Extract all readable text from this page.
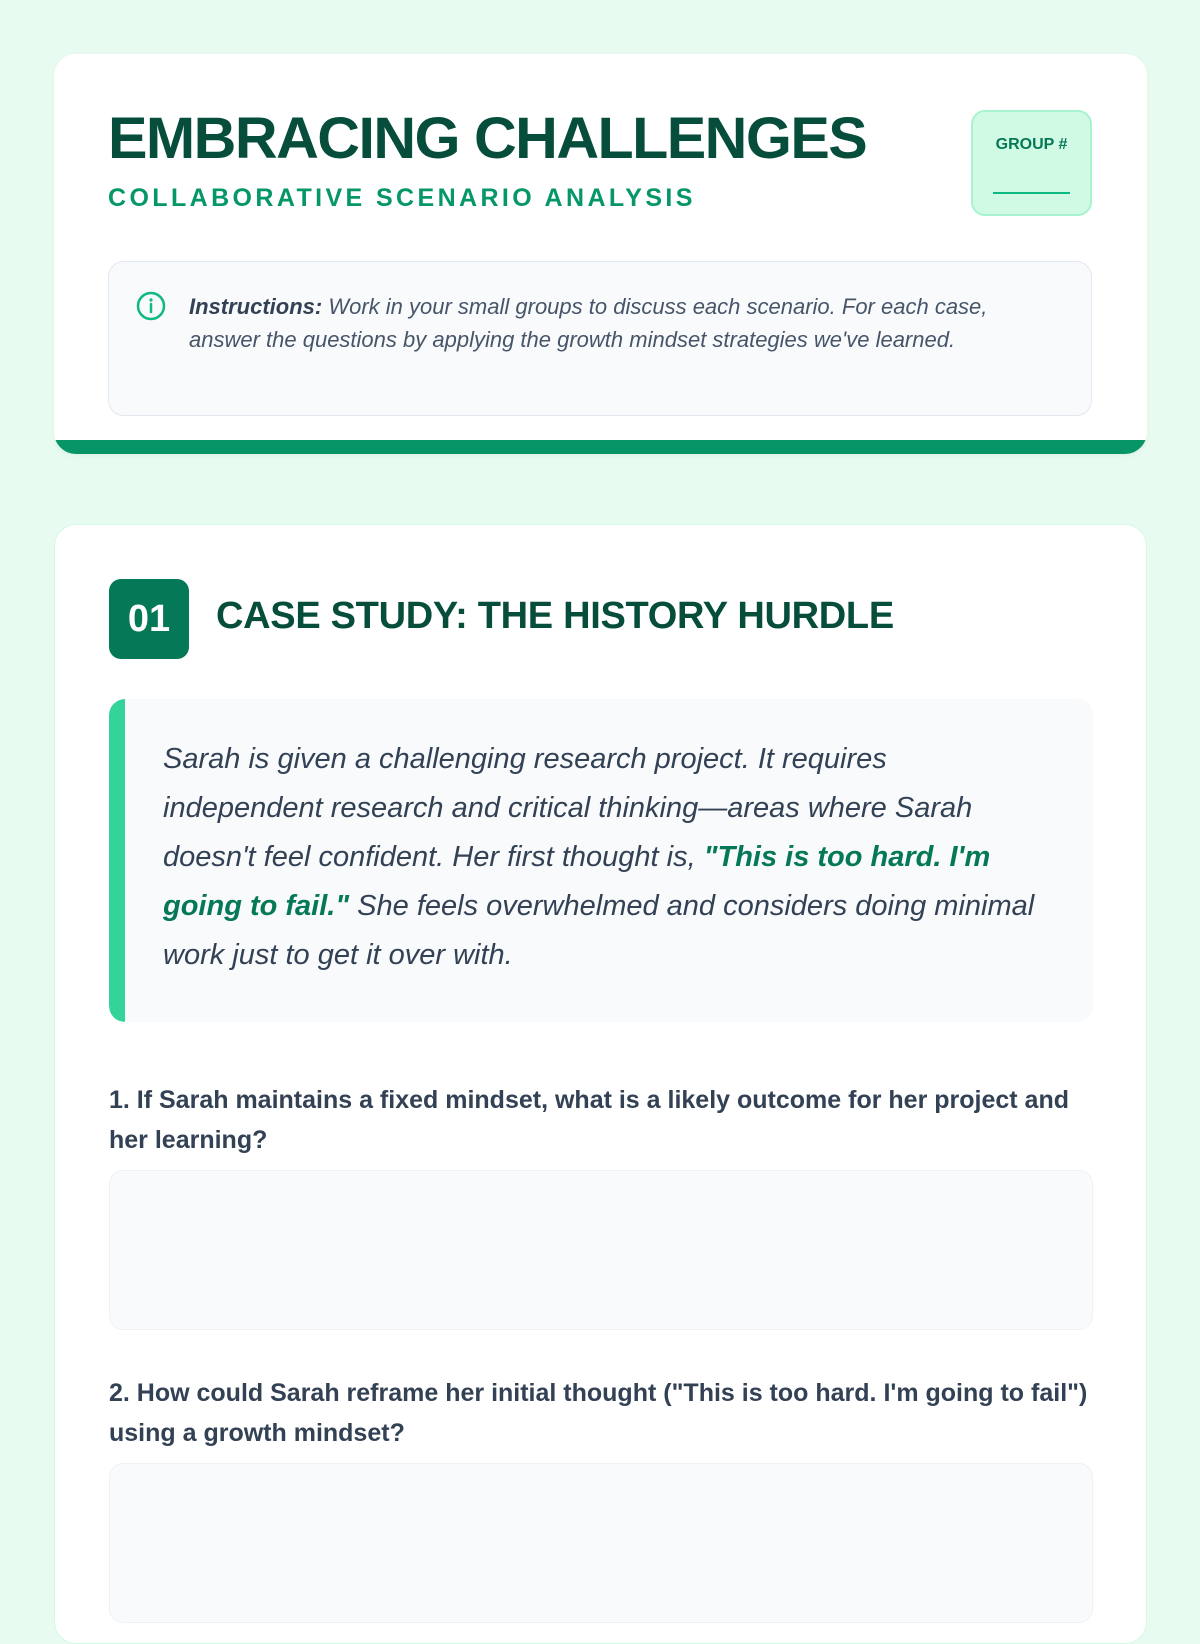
EMBRACING CHALLENGES
COLLABORATIVE SCENARIO ANALYSIS
GROUP #
Instructions: Work in your small groups to discuss each scenario. For each case, answer the questions by applying the growth mindset strategies we've learned.
01	CASE STUDY: THE HISTORY HURDLE
Sarah is given a challenging research project. It requires independent research and critical thinking—areas where Sarah doesn't feel confident. Her first thought is, "This is too hard. I'm going to fail." She feels overwhelmed and considers doing minimal work just to get it over with.
1. If Sarah maintains a fixed mindset, what is a likely outcome for her project and her learning?
2. How could Sarah reframe her initial thought ("This is too hard. I'm going to fail") using a growth mindset?
